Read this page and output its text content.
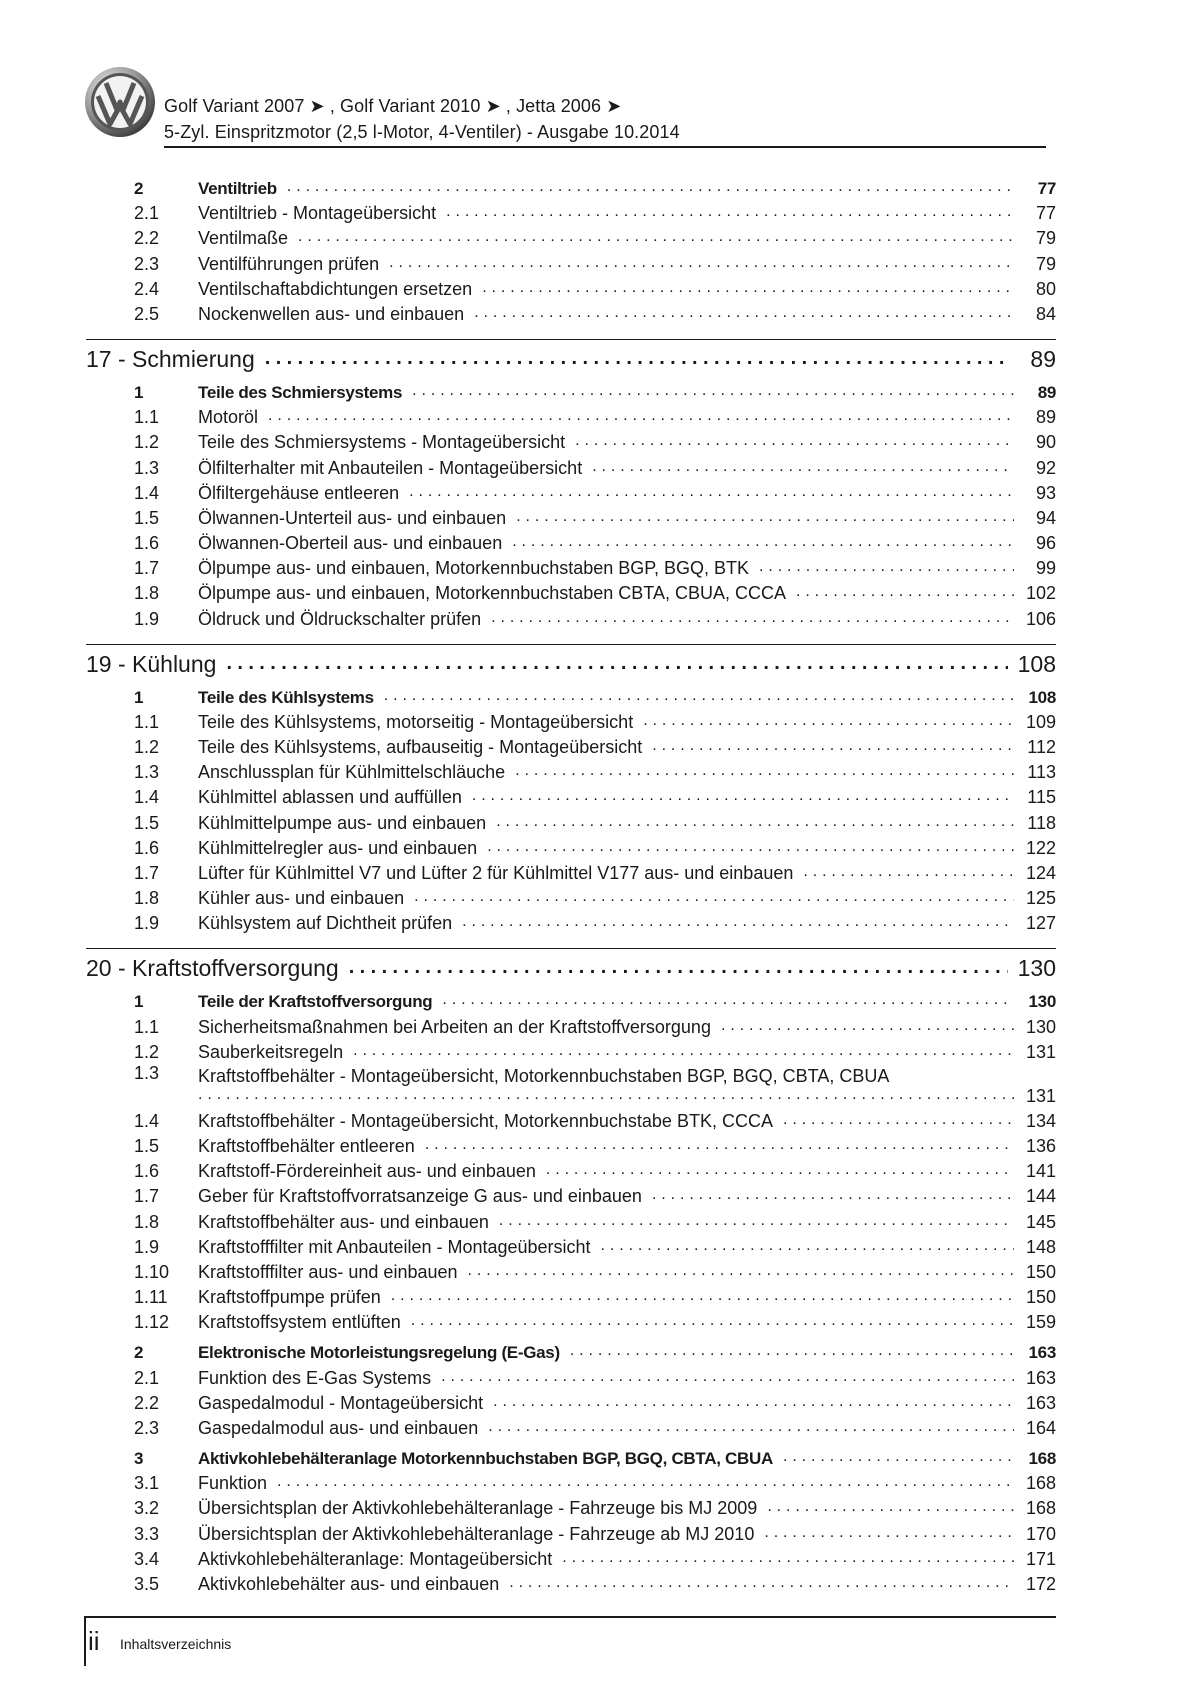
Golf Variant 2007 ➤ , Golf Variant 2010 ➤ , Jetta 2006 ➤
5-Zyl. Einspritzmotor (2,5 l-Motor, 4-Ventiler) - Ausgabe 10.2014
2	Ventiltrieb .....	77
2.1	Ventiltrieb - Montageübersicht .....	77
2.2	Ventilmaße .....	79
2.3	Ventilführungen prüfen .....	79
2.4	Ventilschaftabdichtungen ersetzen .....	80
2.5	Nockenwellen aus- und einbauen .....	84
17 - Schmierung .....	89
1	Teile des Schmiersystems .....	89
1.1	Motoröl .....	89
1.2	Teile des Schmiersystems - Montageübersicht .....	90
1.3	Ölfilterhalter mit Anbauteilen - Montageübersicht .....	92
1.4	Ölfiltergehäuse entleeren .....	93
1.5	Ölwannen-Unterteil aus- und einbauen .....	94
1.6	Ölwannen-Oberteil aus- und einbauen .....	96
1.7	Ölpumpe aus- und einbauen, Motorkennbuchstaben BGP, BGQ, BTK .....	99
1.8	Ölpumpe aus- und einbauen, Motorkennbuchstaben CBTA, CBUA, CCCA .....	102
1.9	Öldruck und Öldruckschalter prüfen .....	106
19 - Kühlung .....	108
1	Teile des Kühlsystems .....	108
1.1	Teile des Kühlsystems, motorseitig - Montageübersicht .....	109
1.2	Teile des Kühlsystems, aufbauseitig - Montageübersicht .....	112
1.3	Anschlussplan für Kühlmittelschläuche .....	113
1.4	Kühlmittel ablassen und auffüllen .....	115
1.5	Kühlmittelpumpe aus- und einbauen .....	118
1.6	Kühlmittelregler aus- und einbauen .....	122
1.7	Lüfter für Kühlmittel V7 und Lüfter 2 für Kühlmittel V177 aus- und einbauen .....	124
1.8	Kühler aus- und einbauen .....	125
1.9	Kühlsystem auf Dichtheit prüfen .....	127
20 - Kraftstoffversorgung .....	130
1	Teile der Kraftstoffversorgung .....	130
1.1	Sicherheitsmaßnahmen bei Arbeiten an der Kraftstoffversorgung .....	130
1.2	Sauberkeitsregeln .....	131
1.3	Kraftstoffbehälter - Montageübersicht, Motorkennbuchstaben BGP, BGQ, CBTA, CBUA
.....
131
1.4	Kraftstoffbehälter - Montageübersicht, Motorkennbuchstabe BTK, CCCA .....	134
1.5	Kraftstoffbehälter entleeren .....	136
1.6	Kraftstoff-Fördereinheit aus- und einbauen .....	141
1.7	Geber für Kraftstoffvorratsanzeige G aus- und einbauen .....	144
1.8	Kraftstoffbehälter aus- und einbauen .....	145
1.9	Kraftstofffilter mit Anbauteilen - Montageübersicht .....	148
1.10	Kraftstofffilter aus- und einbauen .....	150
1.11	Kraftstoffpumpe prüfen .....	150
1.12	Kraftstoffsystem entlüften .....	159
2	Elektronische Motorleistungsregelung (E-Gas) .....	163
2.1	Funktion des E-Gas Systems .....	163
2.2	Gaspedalmodul - Montageübersicht .....	163
2.3	Gaspedalmodul aus- und einbauen .....	164
3	Aktivkohlebehälteranlage Motorkennbuchstaben BGP, BGQ, CBTA, CBUA .....	168
3.1	Funktion .....	168
3.2	Übersichtsplan der Aktivkohlebehälteranlage - Fahrzeuge bis MJ 2009 .....	168
3.3	Übersichtsplan der Aktivkohlebehälteranlage - Fahrzeuge ab MJ 2010 .....	170
3.4	Aktivkohlebehälteranlage: Montageübersicht .....	171
3.5	Aktivkohlebehälter aus- und einbauen .....	172
ii Inhaltsverzeichnis
